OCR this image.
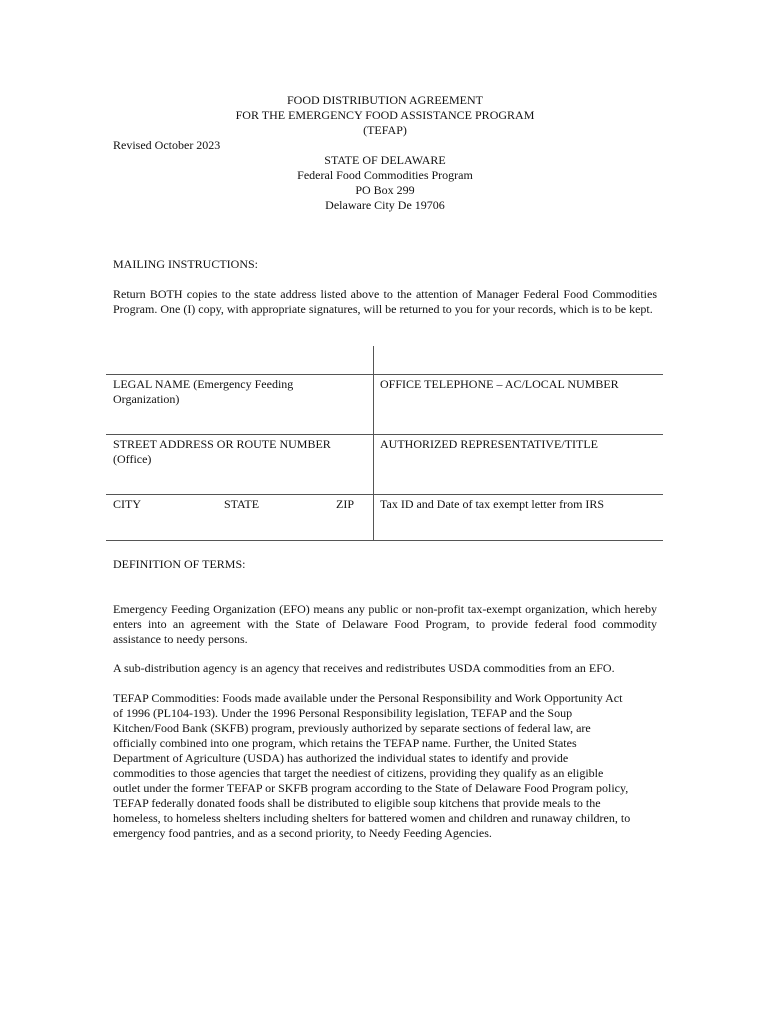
FOOD DISTRIBUTION AGREEMENT

FOR THE EMERGENCY FOOD ASSISTANCE PROGRAM

(TEFAP)

Revised October 2023

STATE OF DELAWARE

Federal Food Commodities Program

PO Box 299

Delaware City De 19706

MAILING INSTRUCTIONS:
Return BOTH copies to the state address listed above to the attention of Manager Federal Food Commodities Program. One (I) copy, with appropriate signatures, will be returned to you for your records, which is to be kept.

LEGAL NAME (Emergency Feeding

Organization)

OFFICE TELEPHONE – AC/LOCAL NUMBER

STREET ADDRESS OR ROUTE NUMBER

(Office)

AUTHORIZED REPRESENTATIVE/TITLE

CITY	STATE	ZIP Tax ID and Date of tax exempt letter from IRS

DEFINITION OF TERMS:
Emergency Feeding Organization (EFO) means any public or non-profit tax-exempt organization, which hereby enters into an agreement with the State of Delaware Food Program, to provide federal food commodity assistance to needy persons.
A sub-distribution agency is an agency that receives and redistributes USDA commodities from an EFO.

TEFAP Commodities: Foods made available under the Personal Responsibility and Work Opportunity Act

of 1996 (PL104-193). Under the 1996 Personal Responsibility legislation, TEFAP and the Soup

Kitchen/Food Bank (SKFB) program, previously authorized by separate sections of federal law, are

officially combined into one program, which retains the TEFAP name. Further, the United States

Department of Agriculture (USDA) has authorized the individual states to identify and provide

commodities to those agencies that target the neediest of citizens, providing they qualify as an eligible

outlet under the former TEFAP or SKFB program according to the State of Delaware Food Program policy,

TEFAP federally donated foods shall be distributed to eligible soup kitchens that provide meals to the

homeless, to homeless shelters including shelters for battered women and children and runaway children, to

emergency food pantries, and as a second priority, to Needy Feeding Agencies.
